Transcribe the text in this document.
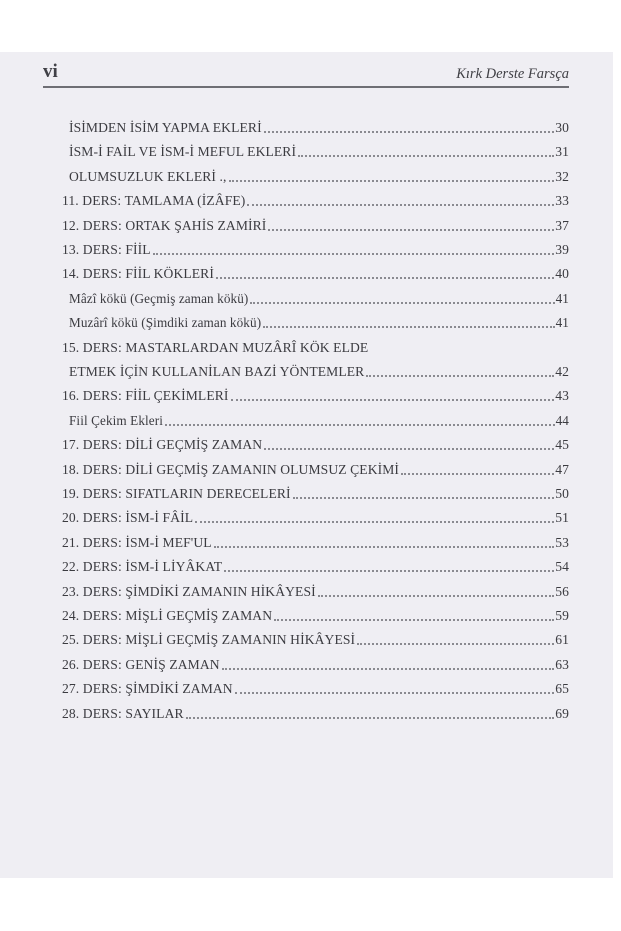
vi	Kırk Derste Farsça
İSİMDEN İSİM YAPMA EKLERİ	30
İSM-İ FAİL VE İSM-İ MEFUL EKLERİ	31
OLUMSUZLUK EKLERİ .,	32
11. DERS: TAMLAMA (İZÂFE)	33
12. DERS: ORTAK ŞAHİS ZAMİRİ	37
13. DERS: FİİL	39
14. DERS: FİİL KÖKLERİ	40
Mâzî kökü (Geçmiş zaman kökü)	41
Muzârî kökü (Şimdiki zaman kökü)	41
15. DERS: MASTARLARDAN MUZÂRÎ KÖK ELDE
ETMEK İÇİN KULLANİLAN BAZİ YÖNTEMLER	42
16. DERS: FİİL ÇEKİMLERİ	43
Fiil Çekim Ekleri	44
17. DERS: DİLİ GEÇMİŞ ZAMAN	45
18. DERS: DİLİ GEÇMİŞ ZAMANIN OLUMSUZ ÇEKİMİ	47
19. DERS: SIFATLARIN DERECELERİ	50
20. DERS: İSM-İ FÂİL	51
21. DERS: İSM-İ MEF'UL	53
22. DERS: İSM-İ LİYÂKAT	54
23. DERS: ŞİMDİKİ ZAMANIN HİKÂYESİ	56
24. DERS: MİŞLİ GEÇMİŞ ZAMAN	59
25. DERS: MİŞLİ GEÇMİŞ ZAMANIN HİKÂYESİ	61
26. DERS: GENİŞ ZAMAN	63
27. DERS: ŞİMDİKİ ZAMAN	65
28. DERS: SAYILAR	69
